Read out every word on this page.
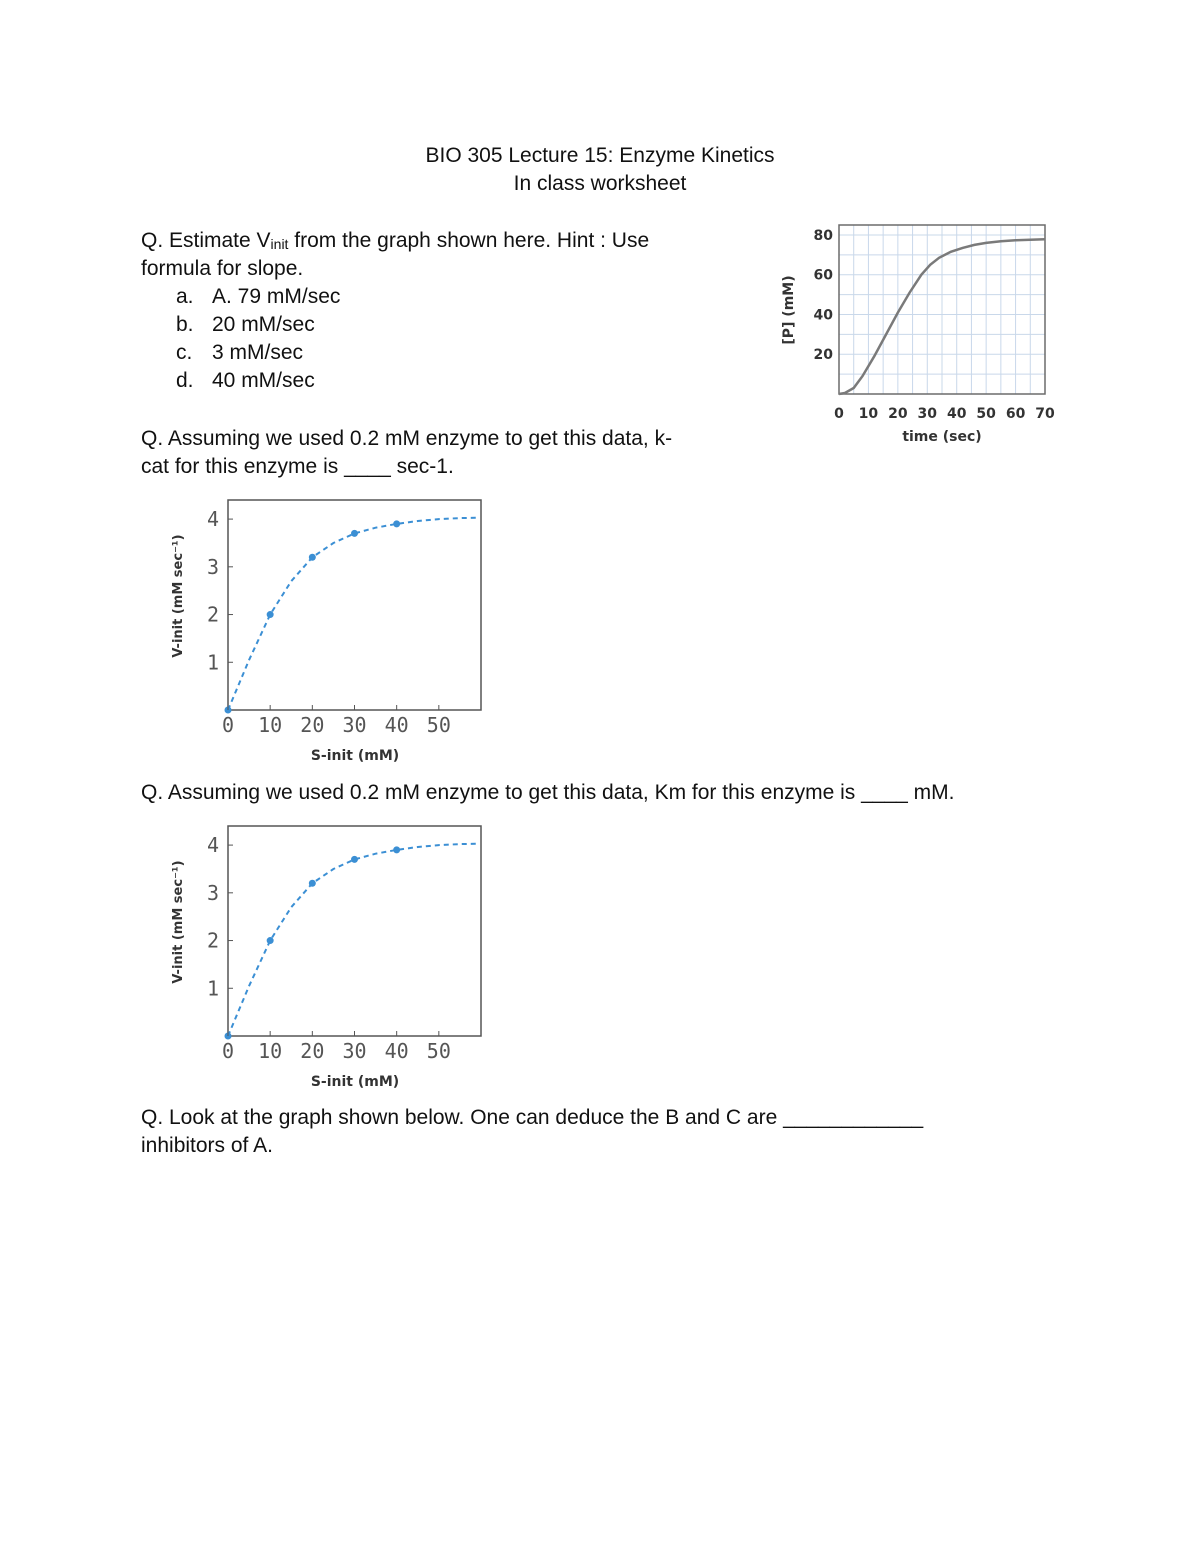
BIO 305 Lecture 15: Enzyme Kinetics
In class worksheet
Q. Estimate $V_{init}$ from the graph shown here. Hint : Use
formula for slope.
a. A. 79 mM/sec
b. 20 mM/sec
c. 3 mM/sec
d. 40 mM/sec
0 10 20 30 40 50 60 70
20
40
60
80
time (sec)
[P] (mM)
Q. Assuming we used 0.2 mM enzyme to get this data, k-
cat for this enzyme is ____ sec-1.
0 10 20 30 40 50
1
2
3
4
S-init (mM)
V-init (mM sec⁻¹)
Q. Assuming we used 0.2 mM enzyme to get this data, Km for this enzyme is ____ mM.
0 10 20 30 40 50
1
2
3
4
S-init (mM)
V-init (mM sec⁻¹)
Q. Look at the graph shown below. One can deduce the B and C are ____________
inhibitors of A.
